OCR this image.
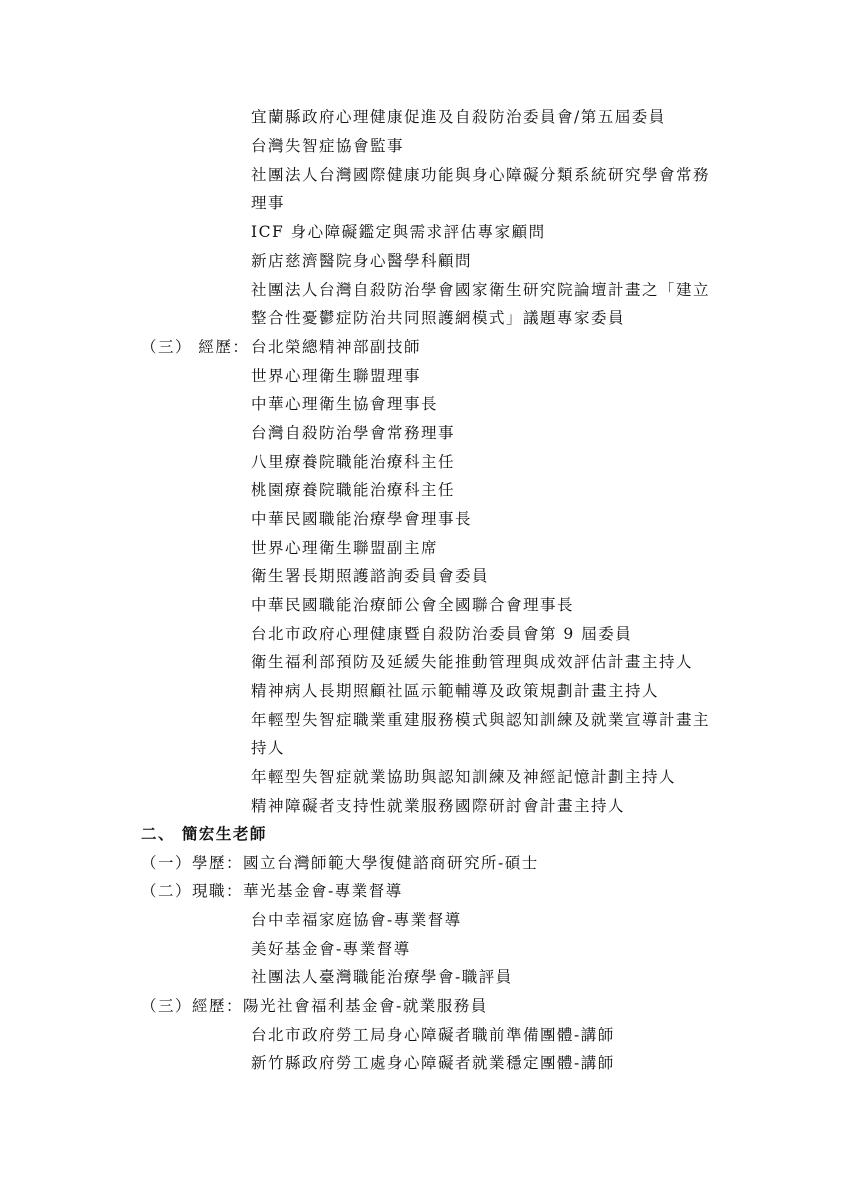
宜蘭縣政府心理健康促進及自殺防治委員會/第五屆委員
台灣失智症協會監事
社團法人台灣國際健康功能與身心障礙分類系統研究學會常務
理事
ICF 身心障礙鑑定與需求評估專家顧問
新店慈濟醫院身心醫學科顧問
社團法人台灣自殺防治學會國家衛生研究院論壇計畫之「建立
整合性憂鬱症防治共同照護網模式」議題專家委員
（三） 經歷： 台北榮總精神部副技師
世界心理衛生聯盟理事
中華心理衛生協會理事長
台灣自殺防治學會常務理事
八里療養院職能治療科主任
桃園療養院職能治療科主任
中華民國職能治療學會理事長
世界心理衛生聯盟副主席
衛生署長期照護諮詢委員會委員
中華民國職能治療師公會全國聯合會理事長
台北市政府心理健康暨自殺防治委員會第 9 屆委員
衛生福利部預防及延緩失能推動管理與成效評估計畫主持人
精神病人長期照顧社區示範輔導及政策規劃計畫主持人
年輕型失智症職業重建服務模式與認知訓練及就業宣導計畫主
持人
年輕型失智症就業協助與認知訓練及神經記憶計劃主持人
精神障礙者支持性就業服務國際研討會計畫主持人
二、 簡宏生老師
（一）學歷：國立台灣師範大學復健諮商研究所-碩士
（二）現職：華光基金會-專業督導
台中幸福家庭協會-專業督導
美好基金會-專業督導
社團法人臺灣職能治療學會-職評員
（三）經歷：陽光社會福利基金會-就業服務員
台北市政府勞工局身心障礙者職前準備團體-講師
新竹縣政府勞工處身心障礙者就業穩定團體-講師
